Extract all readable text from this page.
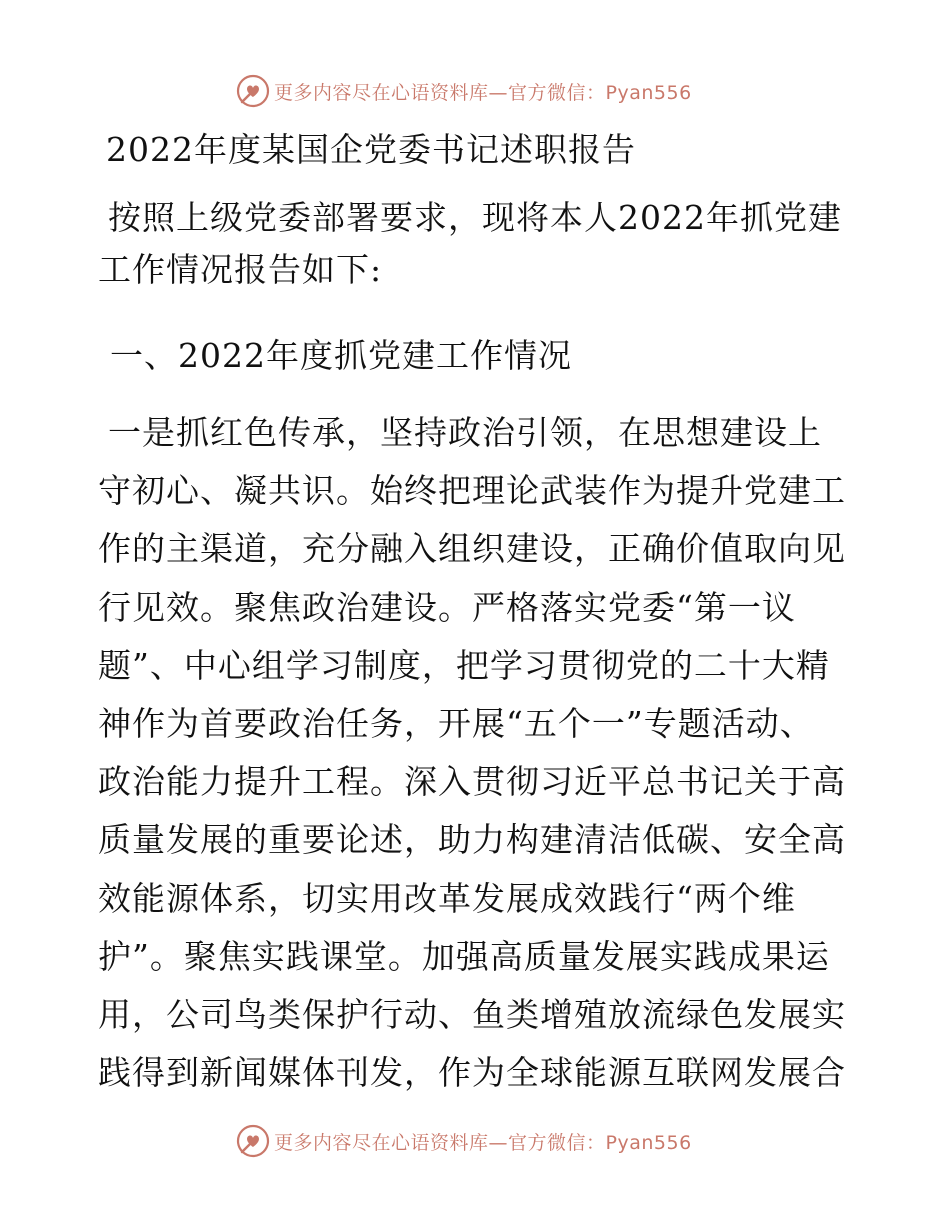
更多内容尽在心语资料库—官方微信：Pyan556
2022年度某国企党委书记述职报告
按照上级党委部署要求，现将本人2022年抓党建
工作情况报告如下:
一、2022年度抓党建工作情况
一是抓红色传承，坚持政治引领，在思想建设上
守初心、凝共识。始终把理论武装作为提升党建工
作的主渠道，充分融入组织建设，正确价值取向见
行见效。聚焦政治建设。严格落实党委“第一议
题”、中心组学习制度，把学习贯彻党的二十大精
神作为首要政治任务，开展“五个一”专题活动、
政治能力提升工程。深入贯彻习近平总书记关于高
质量发展的重要论述，助力构建清洁低碳、安全高
效能源体系，切实用改革发展成效践行“两个维
护”。聚焦实践课堂。加强高质量发展实践成果运
用，公司鸟类保护行动、鱼类增殖放流绿色发展实
践得到新闻媒体刊发，作为全球能源互联网发展合
更多内容尽在心语资料库—官方微信：Pyan556
